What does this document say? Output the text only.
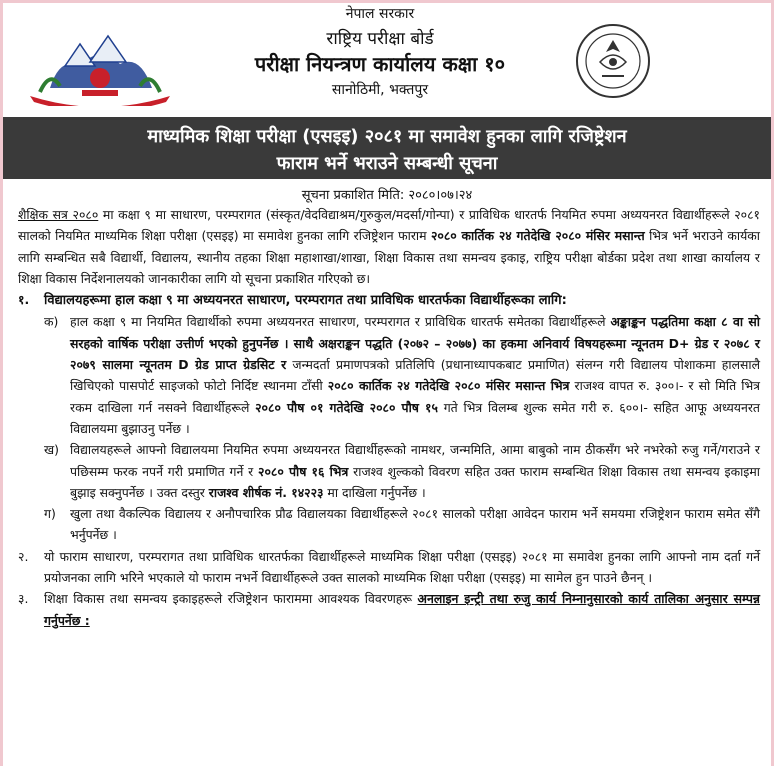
नेपाल सरकार
राष्ट्रिय परीक्षा बोर्ड
परीक्षा नियन्त्रण कार्यालय कक्षा १०
सानोठिमी, भक्तपुर
माध्यमिक शिक्षा परीक्षा (एसइइ) २०८१ मा समावेश हुनका लागि रजिष्ट्रेशन
फाराम भर्ने भराउने सम्बन्धी सूचना
सूचना प्रकाशित मिति: २०८०।०७।२४

शैक्षिक सत्र २०८० मा कक्षा ९ मा साधारण, परम्परागत (संस्कृत/वेदविद्याश्रम/गुरुकुल/मदर्सा/गोन्पा) र प्राविधिक धारतर्फ नियमित रुपमा अध्ययनरत विद्यार्थीहरूले २०८१ सालको नियमित माध्यमिक शिक्षा परीक्षा (एसइइ) मा समावेश हुनका लागि रजिष्ट्रेशन फाराम २०८० कार्तिक २४ गतेदेखि २०८० मंसिर मसान्त भित्र भर्ने भराउने कार्यका लागि सम्बन्धित सबै विद्यार्थी, विद्यालय, स्थानीय तहका शिक्षा महाशाखा/शाखा, शिक्षा विकास तथा समन्वय इकाइ, राष्ट्रिय परीक्षा बोर्डका प्रदेश तथा शाखा कार्यालय र शिक्षा विकास निर्देशनालयको जानकारीका लागि यो सूचना प्रकाशित गरिएको छ।

१. विद्यालयहरूमा हाल कक्षा ९ मा अध्ययनरत साधारण, परम्परागत तथा प्राविधिक धारतर्फका विद्यार्थीहरूका लागि:
क) हाल कक्षा ९ मा नियमित विद्यार्थीको रुपमा अध्ययनरत साधारण, परम्परागत र प्राविधिक धारतर्फ समेतका विद्यार्थीहरूले अङ्काङ्कन पद्धतिमा कक्षा ८ वा सो सरहको वार्षिक परीक्षा उत्तीर्ण भएको हुनुपर्नेछ । साथै अक्षराङ्कन पद्धति (२०७२ – २०७७) का हकमा अनिवार्य विषयहरूमा न्यूनतम D+ ग्रेड र २०७८ र २०७९ सालमा न्यूनतम D ग्रेड प्राप्त ग्रेडसिट र जन्मदर्ता प्रमाणपत्रको प्रतिलिपि (प्रधानाध्यापकबाट प्रमाणित) संलग्न गरी विद्यालय पोशाकमा हालसालै खिचिएको पासपोर्ट साइजको फोटो निर्दिष्ट स्थानमा टाँसी २०८० कार्तिक २४ गतेदेखि २०८० मंसिर मसान्त भित्र राजश्व वापत रु. ३००।- र सो मिति भित्र रकम दाखिला गर्न नसक्ने विद्यार्थीहरूले २०८० पौष ०१ गतेदेखि २०८० पौष १५ गते भित्र विलम्ब शुल्क समेत गरी रु. ६००।- सहित आफू अध्ययनरत विद्यालयमा बुझाउनु पर्नेछ ।
ख) विद्यालयहरूले आफ्नो विद्यालयमा नियमित रुपमा अध्ययनरत विद्यार्थीहरूको नामथर, जन्ममिति, आमा बाबुको नाम ठीकसँग भरे नभरेको रुजु गर्ने/गराउने र पछिसम्म फरक नपर्ने गरी प्रमाणित गर्ने र २०८० पौष १६ भित्र राजश्व शुल्कको विवरण सहित उक्त फाराम सम्बन्धित शिक्षा विकास तथा समन्वय इकाइमा बुझाइ सक्नुपर्नेछ । उक्त दस्तुर राजश्व शीर्षक नं. १४२२३ मा दाखिला गर्नुपर्नेछ ।
ग) खुला तथा वैकल्पिक विद्यालय र अनौपचारिक प्रौढ विद्यालयका विद्यार्थीहरूले २०८१ सालको परीक्षा आवेदन फाराम भर्ने समयमा रजिष्ट्रेशन फाराम समेत सँगै भर्नुपर्नेछ ।
२. यो फाराम साधारण, परम्परागत तथा प्राविधिक धारतर्फका विद्यार्थीहरूले माध्यमिक शिक्षा परीक्षा (एसइइ) २०८१ मा समावेश हुनका लागि आफ्नो नाम दर्ता गर्ने प्रयोजनका लागि भरिने भएकाले यो फाराम नभर्ने विद्यार्थीहरूले उक्त सालको माध्यमिक शिक्षा परीक्षा (एसइइ) मा सामेल हुन पाउने छैनन् ।
३. शिक्षा विकास तथा समन्वय इकाइहरूले रजिष्ट्रेशन फाराममा आवश्यक विवरणहरू अनलाइन इन्ट्री तथा रुजु कार्य निम्नानुसारको कार्य तालिका अनुसार सम्पन्न गर्नुपर्नेछ :
